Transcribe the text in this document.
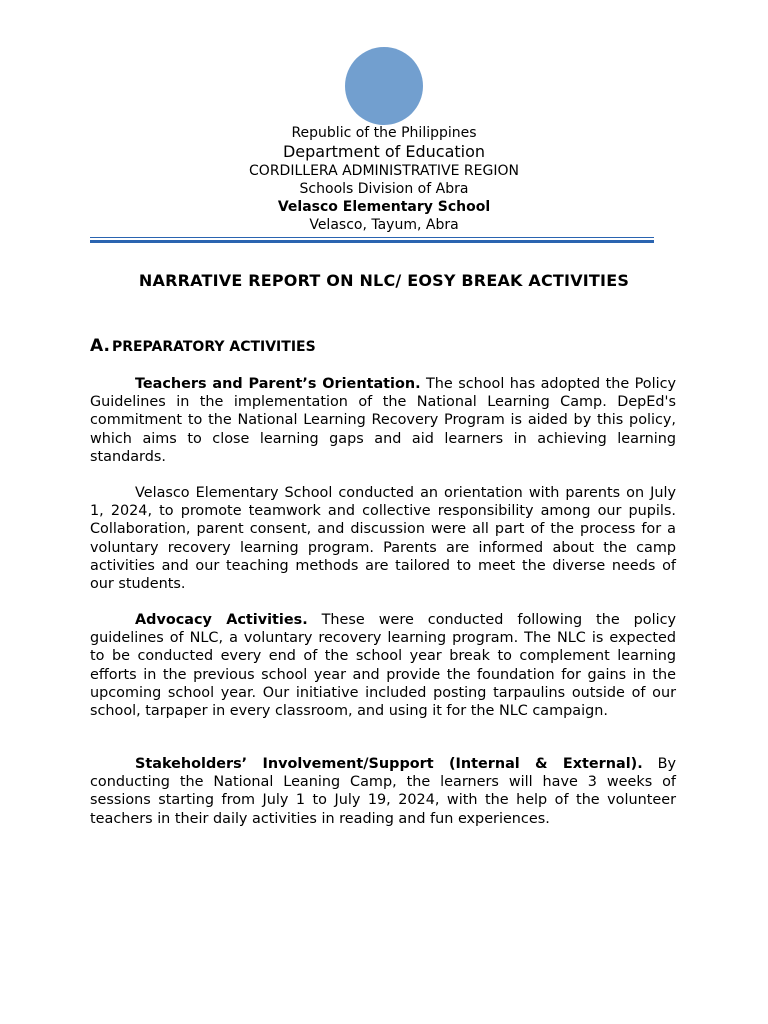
Republic of the Philippines
Department of Education
CORDILLERA ADMINISTRATIVE REGION
Schools Division of Abra
Velasco Elementary School
Velasco, Tayum, Abra
NARRATIVE REPORT ON NLC/ EOSY BREAK ACTIVITIES
A. PREPARATORY ACTIVITIES

Teachers and Parent’s Orientation. The school has adopted the Policy Guidelines in the implementation of the National Learning Camp. DepEd's commitment to the National Learning Recovery Program is aided by this policy, which aims to close learning gaps and aid learners in achieving learning standards.

Velasco Elementary School conducted an orientation with parents on July 1, 2024, to promote teamwork and collective responsibility among our pupils. Collaboration, parent consent, and discussion were all part of the process for a voluntary recovery learning program. Parents are informed about the camp activities and our teaching methods are tailored to meet the diverse needs of our students.

Advocacy Activities. These were conducted following the policy guidelines of NLC, a voluntary recovery learning program. The NLC is expected to be conducted every end of the school year break to complement learning efforts in the previous school year and provide the foundation for gains in the upcoming school year. Our initiative included posting tarpaulins outside of our school, tarpaper in every classroom, and using it for the NLC campaign.

Stakeholders’ Involvement/Support (Internal & External). By conducting the National Leaning Camp, the learners will have 3 weeks of sessions starting from July 1 to July 19, 2024, with the help of the volunteer teachers in their daily activities in reading and fun experiences.
